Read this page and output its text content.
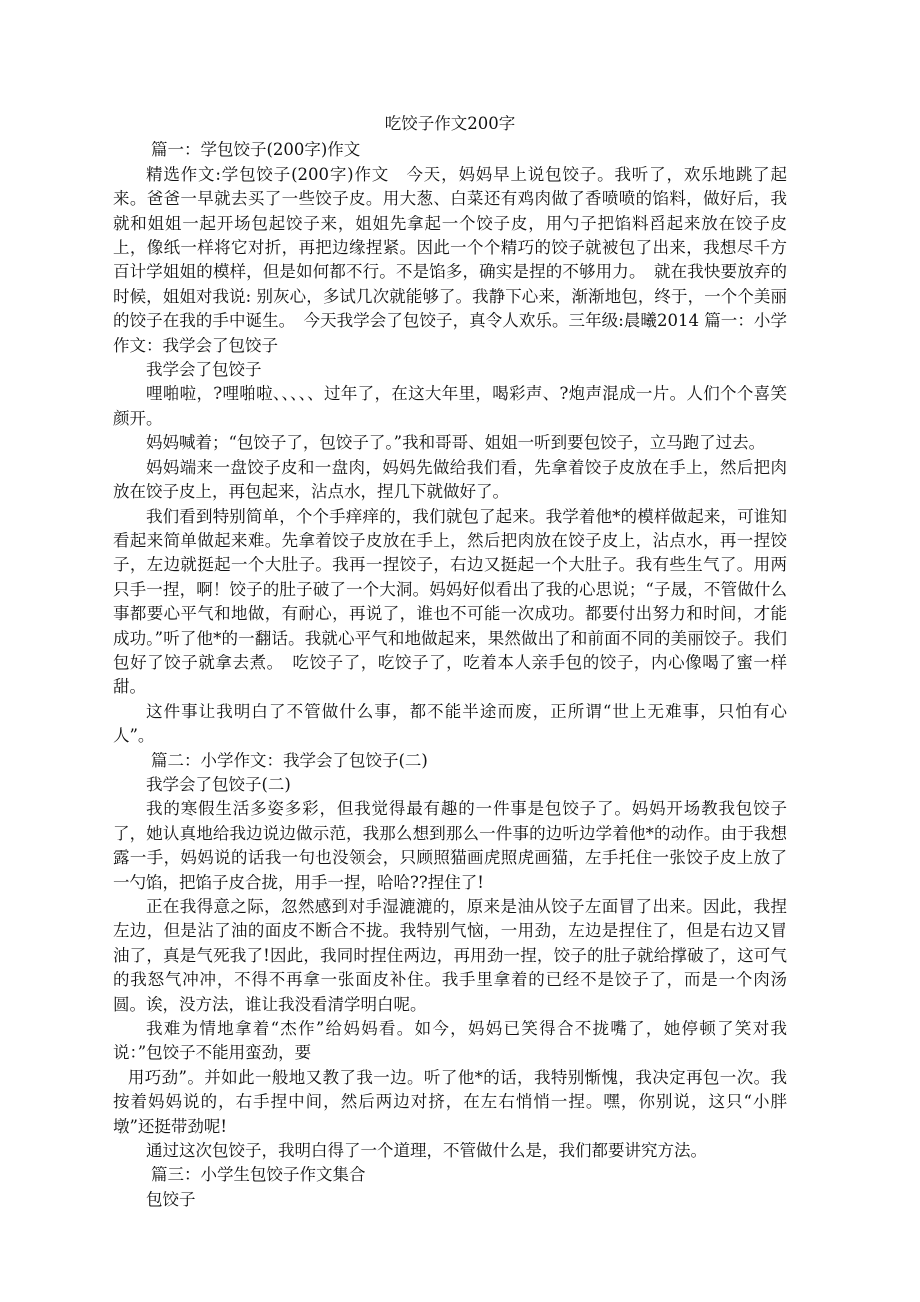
吃饺子作文200字

篇一：学包饺子(200字)作文

精选作文:学包饺子(200字)作文　今天，妈妈早上说包饺子。我听了，欢乐地跳了起来。爸爸一早就去买了一些饺子皮。用大葱、白菜还有鸡肉做了香喷喷的馅料，做好后，我就和姐姐一起开场包起饺子来，姐姐先拿起一个饺子皮，用勺子把馅料舀起来放在饺子皮上，像纸一样将它对折，再把边缘捏紧。因此一个个精巧的饺子就被包了出来，我想尽千方百计学姐姐的模样，但是如何都不行。不是馅多，确实是捏的不够用力。　就在我快要放弃的时候，姐姐对我说: 别灰心，多试几次就能够了。我静下心来，渐渐地包，终于，一个个美丽的饺子在我的手中诞生。　今天我学会了包饺子，真令人欢乐。三年级:晨曦2014 篇一：小学作文：我学会了包饺子

我学会了包饺子

哩啪啦，?哩啪啦、、、、、过年了，在这大年里，喝彩声、?炮声混成一片。人们个个喜笑颜开。

妈妈喊着；“包饺子了，包饺子了。”我和哥哥、姐姐一听到要包饺子，立马跑了过去。

妈妈端来一盘饺子皮和一盘肉，妈妈先做给我们看，先拿着饺子皮放在手上，然后把肉放在饺子皮上，再包起来，沾点水，捏几下就做好了。

我们看到特别简单，个个手痒痒的，我们就包了起来。我学着他*的模样做起来，可谁知看起来简单做起来难。先拿着饺子皮放在手上，然后把肉放在饺子皮上，沾点水，再一捏饺子，左边就挺起一个大肚子。我再一捏饺子，右边又挺起一个大肚子。我有些生气了。用两只手一捏，啊！饺子的肚子破了一个大洞。妈妈好似看出了我的心思说；“子晟，不管做什么事都要心平气和地做，有耐心，再说了，谁也不可能一次成功。都要付出努力和时间，才能成功。”听了他*的一翻话。我就心平气和地做起来，果然做出了和前面不同的美丽饺子。我们包好了饺子就拿去煮。　吃饺子了，吃饺子了，吃着本人亲手包的饺子，内心像喝了蜜一样甜。

这件事让我明白了不管做什么事，都不能半途而废，正所谓“世上无难事，只怕有心人”。

篇二：小学作文：我学会了包饺子(二)

我学会了包饺子(二)

我的寒假生活多姿多彩，但我觉得最有趣的一件事是包饺子了。妈妈开场教我包饺子了，她认真地给我边说边做示范，我那么想到那么一件事的边听边学着他*的动作。由于我想露一手，妈妈说的话我一句也没领会，只顾照猫画虎照虎画猫，左手托住一张饺子皮上放了一勺馅，把馅子皮合拢，用手一捏，哈哈??捏住了!

正在我得意之际，忽然感到对手湿漉漉的，原来是油从饺子左面冒了出来。因此，我捏左边，但是沾了油的面皮不断合不拢。我特别气恼，一用劲，左边是捏住了，但是右边又冒油了，真是气死我了!因此，我同时捏住两边，再用劲一捏，饺子的肚子就给撑破了，这可气的我怒气冲冲，不得不再拿一张面皮补住。我手里拿着的已经不是饺子了，而是一个肉汤圆。诶，没方法，谁让我没看清学明白呢。

我难为情地拿着“杰作”给妈妈看。如今，妈妈已笑得合不拢嘴了，她停顿了笑对我说：”包饺子不能用蛮劲，要

用巧劲”。并如此一般地又教了我一边。听了他*的话，我特别惭愧，我决定再包一次。我按着妈妈说的，右手捏中间，然后两边对挤，在左右悄悄一捏。嘿，你别说，这只“小胖墩”还挺带劲呢!

通过这次包饺子，我明白得了一个道理，不管做什么是，我们都要讲究方法。

篇三：小学生包饺子作文集合

包饺子
